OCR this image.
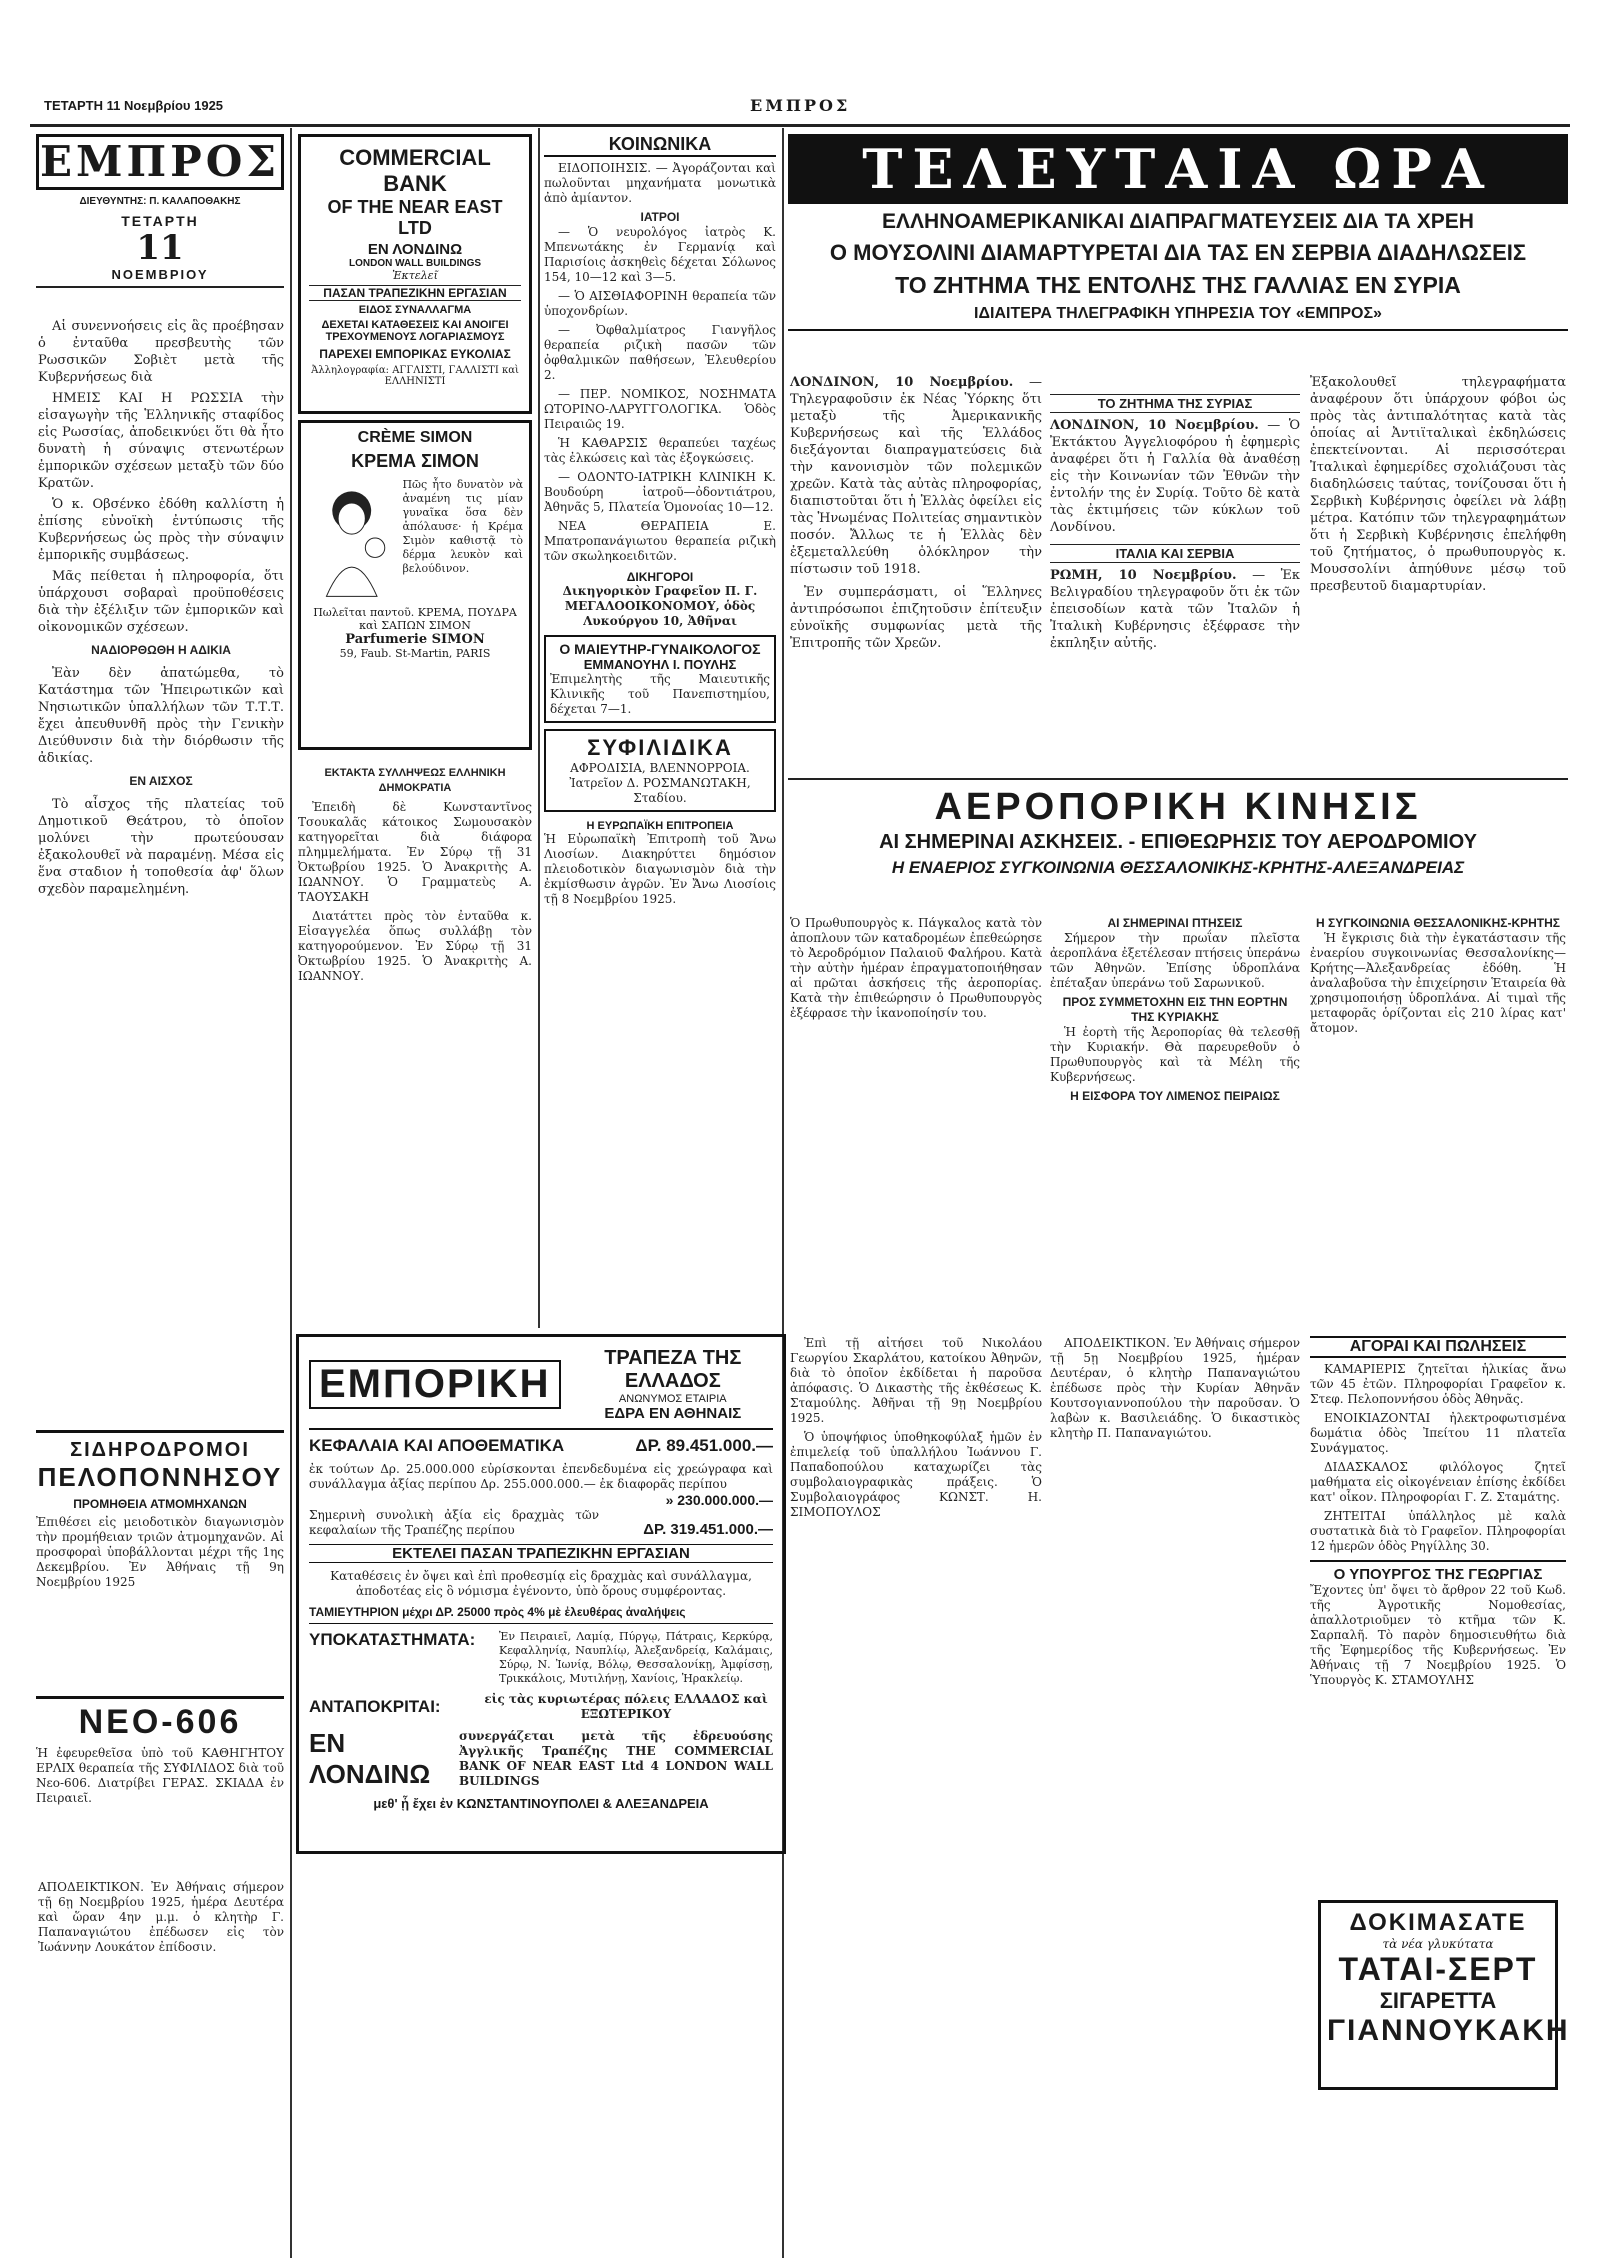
ΤΕΤΑΡΤΗ 11 Νοεμβρίου 1925	ΕΜΠΡΟΣ
ΕΜΠΡΟΣ
ΔΙΕΥΘΥΝΤΗΣ: Π. ΚΑΛΑΠΟΘΑΚΗΣ
ΤΕΤΑΡΤΗ
11
ΝΟΕΜΒΡΙΟΥ

Αἱ συνεννοήσεις εἰς ἃς προέβησαν ὁ ἐνταῦθα πρεσβευτὴς τῶν Ρωσσικῶν Σοβιὲτ μετὰ τῆς Κυβερνήσεως διὰ

ΗΜΕΙΣ ΚΑΙ Η ΡΩΣΣΙΑ τὴν εἰσαγωγὴν τῆς Ἑλληνικῆς σταφίδος εἰς Ρωσσίας, ἀποδεικνύει ὅτι θὰ ἦτο δυνατὴ ἡ σύναψις στενωτέρων ἐμπορικῶν σχέσεων μεταξὺ τῶν δύο Κρατῶν.

Ὁ κ. Οβσένκο ἐδόθη καλλίστη ἡ ἐπίσης εὐνοϊκὴ ἐντύπωσις τῆς Κυβερνήσεως ὡς πρὸς τὴν σύναψιν ἐμπορικῆς συμβάσεως.

Μᾶς πείθεται ἡ πληροφορία, ὅτι ὑπάρχουσι σοβαραὶ προϋποθέσεις διὰ τὴν ἐξέλιξιν τῶν ἐμπορικῶν καὶ οἰκονομικῶν σχέσεων.

ΝΑΔΙΟΡΘΩΘΗ Η ΑΔΙΚΙΑ

Ἐὰν δὲν ἀπατώμεθα, τὸ Κατάστημα τῶν Ἠπειρωτικῶν καὶ Νησιωτικῶν ὑπαλλήλων τῶν Τ.Τ.Τ. ἔχει ἀπευθυνθῆ πρὸς τὴν Γενικὴν Διεύθυνσιν διὰ τὴν διόρθωσιν τῆς ἀδικίας.

ΕΝ ΑΙΣΧΟΣ

Τὸ αἶσχος τῆς πλατείας τοῦ Δημοτικοῦ Θεάτρου, τὸ ὁποῖον μολύνει τὴν πρωτεύουσαν ἐξακολουθεῖ νὰ παραμένῃ. Μέσα εἰς ἕνα σταδιον ἡ τοποθεσία ἀφ' ὅλων σχεδὸν παραμελημένη.

ΣΙΔΗΡΟΔΡΟΜΟΙ
ΠΕΛΟΠΟΝΝΗΣΟΥ
ΠΡΟΜΗΘΕΙΑ ΑΤΜΟΜΗΧΑΝΩΝ
Ἐπιθέσει εἰς μειοδοτικὸν διαγωνισμὸν τὴν προμήθειαν τριῶν ἀτμομηχανῶν. Αἱ προσφοραὶ ὑποβάλλονται μέχρι τῆς 1ης Δεκεμβρίου. Ἐν Ἀθήναις τῇ 9η Νοεμβρίου 1925
ΝΕΟ-606
Ἡ ἐφευρεθεῖσα ὑπὸ τοῦ ΚΑΘΗΓΗΤΟΥ ΕΡΛΙΧ θεραπεία τῆς ΣΥΦΙΛΙΔΟΣ διὰ τοῦ Νεο-606. Διατρίβει ΓΕΡΑΣ. ΣΚΙΑΔΑ ἐν Πειραιεῖ.
ΑΠΟΔΕΙΚΤΙΚΟΝ. Ἐν Ἀθήναις σήμερον τῇ 6ῃ Νοεμβρίου 1925, ἡμέρα Δευτέρα καὶ ὥραν 4ην μ.μ. ὁ κλητὴρ Γ. Παπαναγιώτου ἐπέδωσεν εἰς τὸν Ἰωάννην Λουκάτον ἐπίδοσιν.
COMMERCIAL BANK
OF THE NEAR EAST LTD
ΕΝ ΛΟΝΔΙΝΩ
LONDON WALL BUILDINGS
Ἐκτελεῖ
ΠΑΣΑΝ ΤΡΑΠΕΖΙΚΗΝ ΕΡΓΑΣΙΑΝ
ΕΙΔΟΣ ΣΥΝΑΛΛΑΓΜΑ
ΔΕΧΕΤΑΙ ΚΑΤΑΘΕΣΕΙΣ ΚΑΙ ΑΝΟΙΓΕΙ
ΤΡΕΧΟΥΜΕΝΟΥΣ ΛΟΓΑΡΙΑΣΜΟΥΣ
ΠΑΡΕΧΕΙ ΕΜΠΟΡΙΚΑΣ ΕΥΚΟΛΙΑΣ
Ἀλληλογραφία: ΑΓΓΛΙΣΤΙ, ΓΑΛΛΙΣΤΙ καὶ ΕΛΛΗΝΙΣΤΙ
CRÈME SIMON
ΚΡΕΜΑ ΣΙΜΟΝ
Πῶς ἦτο δυνατὸν νὰ ἀναμένη τις μίαν γυναῖκα ὅσα δὲν ἀπόλαυσε· ἡ Κρέμα Σιμὸν καθιστᾷ τὸ δέρμα λευκὸν καὶ βελούδινον.
Πωλεῖται παντοῦ. ΚΡΕΜΑ, ΠΟΥΔΡΑ καὶ ΣΑΠΩΝ ΣΙΜΟΝ
Parfumerie SIMON
59, Faub. St-Martin, PARIS
ΕΚΤΑΚΤΑ ΣΥΛΛΗΨΕΩΣ ΕΛΛΗΝΙΚΗ ΔΗΜΟΚΡΑΤΙΑ

Ἐπειδὴ δὲ Κωνσταντῖνος Τσουκαλᾶς κάτοικος Σωμουσακὸν κατηγορεῖται διὰ διάφορα πλημμελήματα. Ἐν Σύρῳ τῇ 31 Ὀκτωβρίου 1925. Ὁ Ἀνακριτὴς Α. ΙΩΑΝΝΟΥ. Ὁ Γραμματεὺς Α. ΤΑΟΥΣΑΚΗ

Διατάττει πρὸς τὸν ἐνταῦθα κ. Εἰσαγγελέα ὅπως συλλάβῃ τὸν κατηγορούμενον. Ἐν Σύρῳ τῇ 31 Ὀκτωβρίου 1925. Ὁ Ἀνακριτὴς Α. ΙΩΑΝΝΟΥ.

ΚΟΙΝΩΝΙΚΑ

ΕΙΔΟΠΟΙΗΣΙΣ. — Ἀγοράζονται καὶ πωλοῦνται μηχανήματα μονωτικὰ ἀπὸ ἀμίαντον.

ΙΑΤΡΟΙ

— Ὁ νευρολόγος ἰατρὸς Κ. Μπενωτάκης ἐν Γερμανίᾳ καὶ Παρισίοις ἀσκηθεὶς δέχεται Σόλωνος 154, 10—12 καὶ 3—5.

— Ὁ ΑΙΣΘΙΑΦΟΡΙΝΗ θεραπεία τῶν ὑποχονδρίων.

— Ὀφθαλμίατρος Γιανγῆλος θεραπεία ριζικὴ πασῶν τῶν ὀφθαλμικῶν παθήσεων, Ἐλευθερίου 2.

— ΠΕΡ. ΝΟΜΙΚΟΣ, ΝΟΣΗΜΑΤΑ ΩΤΟΡΙΝΟ-ΛΑΡΥΓΓΟΛΟΓΙΚΑ. Ὁδὸς Πειραιῶς 19.

Ἡ ΚΑΘΑΡΣΙΣ θεραπεύει ταχέως τὰς ἐλκώσεις καὶ τὰς ἐξογκώσεις.

— ΟΔΟΝΤΟ-ΙΑΤΡΙΚΗ ΚΛΙΝΙΚΗ Κ. Βουδούρη ἰατροῦ—ὀδοντιάτρου, Ἀθηνᾶς 5, Πλατεία Ὁμονοίας 10—12.

ΝΕΑ ΘΕΡΑΠΕΙΑ Ε. Μπατροπανάγιωτου θεραπεία ριζικὴ τῶν σκωληκοειδιτῶν.

ΔΙΚΗΓΟΡΟΙ
Δικηγορικὸν Γραφεῖον Π. Γ. ΜΕΓΑΛΟΟΙΚΟΝΟΜΟΥ, ὁδὸς Λυκούργου 10, Ἀθῆναι
Ο ΜΑΙΕΥΤΗΡ-ΓΥΝΑΙΚΟΛΟΓΟΣ
ΕΜΜΑΝΟΥΗΛ Ι. ΠΟΥΛΗΣ
Ἐπιμελητὴς τῆς Μαιευτικῆς Κλινικῆς τοῦ Πανεπιστημίου, δέχεται 7—1.
ΣΥΦΙΛΙΔΙΚΑ
ΑΦΡΟΔΙΣΙΑ, ΒΛΕΝΝΟΡΡΟΙΑ. Ἰατρεῖον Δ. ΡΟΣΜΑΝΩΤΑΚΗ, Σταδίου.
Η ΕΥΡΩΠΑΪΚΗ ΕΠΙΤΡΟΠΕΙΑ
Ἡ Εὐρωπαϊκὴ Ἐπιτροπὴ τοῦ Ἄνω Λιοσίων. Διακηρύττει δημόσιον πλειοδοτικὸν διαγωνισμὸν διὰ τὴν ἐκμίσθωσιν ἀγρῶν. Ἐν Ἄνω Λιοσίοις τῇ 8 Νοεμβρίου 1925.
ΤΕΛΕΥΤΑΙΑ ΩΡΑ
ΕΛΛΗΝΟΑΜΕΡΙΚΑΝΙΚΑΙ ΔΙΑΠΡΑΓΜΑΤΕΥΣΕΙΣ ΔΙΑ ΤΑ ΧΡΕΗ
Ο ΜΟΥΣΟΛΙΝΙ ΔΙΑΜΑΡΤΥΡΕΤΑΙ ΔΙΑ ΤΑΣ ΕΝ ΣΕΡΒΙΑ ΔΙΑΔΗΛΩΣΕΙΣ
ΤΟ ΖΗΤΗΜΑ ΤΗΣ ΕΝΤΟΛΗΣ ΤΗΣ ΓΑΛΛΙΑΣ ΕΝ ΣΥΡΙΑ
ΙΔΙΑΙΤΕΡΑ ΤΗΛΕΓΡΑΦΙΚΗ ΥΠΗΡΕΣΙΑ ΤΟΥ «ΕΜΠΡΟΣ»
ΛΟΝΔΙΝΟΝ, 10 Νοεμβρίου. — Τηλεγραφοῦσιν ἐκ Νέας Ὑόρκης ὅτι μεταξὺ τῆς Ἀμερικανικῆς Κυβερνήσεως καὶ τῆς Ἑλλάδος διεξάγονται διαπραγματεύσεις διὰ τὴν κανονισμὸν τῶν πολεμικῶν χρεῶν. Κατὰ τὰς αὐτὰς πληροφορίας, διαπιστοῦται ὅτι ἡ Ἑλλὰς ὀφείλει εἰς τὰς Ἡνωμένας Πολιτείας σημαντικὸν ποσόν. Ἄλλως τε ἡ Ἑλλὰς δὲν ἐξεμεταλλεύθη ὁλόκληρον τὴν πίστωσιν τοῦ 1918.

Ἐν συμπεράσματι, οἱ Ἕλληνες ἀντιπρόσωποι ἐπιζητοῦσιν ἐπίτευξιν εὐνοϊκῆς συμφωνίας μετὰ τῆς Ἐπιτροπῆς τῶν Χρεῶν.

ΤΟ ΖΗΤΗΜΑ ΤΗΣ ΣΥΡΙΑΣ
ΛΟΝΔΙΝΟΝ, 10 Νοεμβρίου. — Ὁ Ἐκτάκτου Ἀγγελιοφόρου ἡ ἐφημερὶς ἀναφέρει ὅτι ἡ Γαλλία θὰ ἀναθέσῃ εἰς τὴν Κοινωνίαν τῶν Ἐθνῶν τὴν ἐντολήν της ἐν Συρίᾳ. Τοῦτο δὲ κατὰ τὰς ἐκτιμήσεις τῶν κύκλων τοῦ Λονδίνου.
ΙΤΑΛΙΑ ΚΑΙ ΣΕΡΒΙΑ
ΡΩΜΗ, 10 Νοεμβρίου. — Ἐκ Βελιγραδίου τηλεγραφοῦν ὅτι ἐκ τῶν ἐπεισοδίων κατὰ τῶν Ἰταλῶν ἡ Ἰταλικὴ Κυβέρνησις ἐξέφρασε τὴν ἐκπληξιν αὐτῆς.
Ἐξακολουθεῖ τηλεγραφήματα ἀναφέρουν ὅτι ὑπάρχουν φόβοι ὡς πρὸς τὰς ἀντιπαλότητας κατὰ τὰς ὁποίας αἱ Ἀντιϊταλικαὶ ἐκδηλώσεις ἐπεκτείνονται. Αἱ περισσότεραι Ἰταλικαὶ ἐφημερίδες σχολιάζουσι τὰς διαδηλώσεις ταύτας, τονίζουσαι ὅτι ἡ Σερβικὴ Κυβέρνησις ὀφείλει νὰ λάβῃ μέτρα. Κατόπιν τῶν τηλεγραφημάτων ὅτι ἡ Σερβικὴ Κυβέρνησις ἐπελήφθη τοῦ ζητήματος, ὁ πρωθυπουργὸς κ. Μουσσολίνι ἀπηύθυνε μέσῳ τοῦ πρεσβευτοῦ διαμαρτυρίαν.
ΑΕΡΟΠΟΡΙΚΗ ΚΙΝΗΣΙΣ
ΑΙ ΣΗΜΕΡΙΝΑΙ ΑΣΚΗΣΕΙΣ. - ΕΠΙΘΕΩΡΗΣΙΣ ΤΟΥ ΑΕΡΟΔΡΟΜΙΟΥ
Η ΕΝΑΕΡΙΟΣ ΣΥΓΚΟΙΝΩΝΙΑ ΘΕΣΣΑΛΟΝΙΚΗΣ-ΚΡΗΤΗΣ-ΑΛΕΞΑΝΔΡΕΙΑΣ
Ὁ Πρωθυπουργὸς κ. Πάγκαλος κατὰ τὸν ἀποπλουν τῶν καταδρομέων ἐπεθεώρησε τὸ Ἀεροδρόμιον Παλαιοῦ Φαλήρου. Κατὰ τὴν αὐτὴν ἡμέραν ἐπραγματοποιήθησαν αἱ πρῶται ἀσκήσεις τῆς ἀεροπορίας. Κατὰ τὴν ἐπιθεώρησιν ὁ Πρωθυπουργὸς ἐξέφρασε τὴν ἱκανοποίησίν του.
ΑΙ ΣΗΜΕΡΙΝΑΙ ΠΤΗΣΕΙΣ

Σήμερον τὴν πρωΐαν πλεῖστα ἀεροπλάνα ἐξετέλεσαν πτήσεις ὑπεράνω τῶν Ἀθηνῶν. Ἐπίσης ὑδροπλάνα ἐπέταξαν ὑπεράνω τοῦ Σαρωνικοῦ.

ΠΡΟΣ ΣΥΜΜΕΤΟΧΗΝ ΕΙΣ ΤΗΝ ΕΟΡΤΗΝ ΤΗΣ ΚΥΡΙΑΚΗΣ

Ἡ ἐορτὴ τῆς Ἀεροπορίας θὰ τελεσθῇ τὴν Κυριακήν. Θὰ παρευρεθοῦν ὁ Πρωθυπουργὸς καὶ τὰ Μέλη τῆς Κυβερνήσεως.

Η ΕΙΣΦΟΡΑ ΤΟΥ ΛΙΜΕΝΟΣ ΠΕΙΡΑΙΩΣ
Η ΣΥΓΚΟΙΝΩΝΙΑ ΘΕΣΣΑΛΟΝΙΚΗΣ-ΚΡΗΤΗΣ

Ἡ ἔγκρισις διὰ τὴν ἐγκατάστασιν τῆς ἐναερίου συγκοινωνίας Θεσσαλονίκης—Κρήτης—Ἀλεξανδρείας ἐδόθη. Ἡ ἀναλαβοῦσα τὴν ἐπιχείρησιν Ἑταιρεία θὰ χρησιμοποιήσῃ ὑδροπλάνα. Αἱ τιμαὶ τῆς μεταφορᾶς ὁρίζονται εἰς 210 λίρας κατ' ἄτομον.

ΕΜΠΟΡΙΚΗ
ΤΡΑΠΕΖΑ ΤΗΣ ΕΛΛΑΔΟΣ
ΑΝΩΝΥΜΟΣ ΕΤΑΙΡΙΑ
ΕΔΡΑ ΕΝ ΑΘΗΝΑΙΣ
ΚΕΦΑΛΑΙΑ ΚΑΙ ΑΠΟΘΕΜΑΤΙΚΑ	ΔΡ. 89.451.000.—
ἐκ τούτων Δρ. 25.000.000 εὐρίσκονται ἐπενδεδυμένα εἰς χρεώγραφα καὶ συνάλλαγμα ἀξίας περίπου Δρ. 255.000.000.— ἐκ διαφορᾶς περίπου
» 230.000.000.—
Σημερινὴ συνολικὴ ἀξία εἰς δραχμὰς τῶν κεφαλαίων τῆς Τραπέζης περίπου	ΔΡ. 319.451.000.—
ΕΚΤΕΛΕΙ ΠΑΣΑΝ ΤΡΑΠΕΖΙΚΗΝ ΕΡΓΑΣΙΑΝ
Καταθέσεις ἐν ὄψει καὶ ἐπὶ προθεσμίᾳ εἰς δραχμὰς καὶ συνάλλαγμα, ἀποδοτέας εἰς ὃ νόμισμα ἐγένοντο, ὑπὸ ὅρους συμφέροντας.
ΤΑΜΙΕΥΤΗΡΙΟΝ μέχρι ΔΡ. 25000 πρὸς 4% μὲ ἐλευθέρας ἀναλήψεις
ΥΠΟΚΑΤΑΣΤΗΜΑΤΑ:	Ἐν Πειραιεῖ, Λαμίᾳ, Πύργῳ, Πάτραις, Κερκύρᾳ, Κεφαλληνίᾳ, Ναυπλίῳ, Ἀλεξανδρείᾳ, Καλάμαις, Σύρῳ, Ν. Ἰωνίᾳ, Βόλῳ, Θεσσαλονίκῃ, Ἀμφίσσῃ, Τρικκάλοις, Μυτιλήνῃ, Χανίοις, Ἡρακλείῳ.
ΑΝΤΑΠΟΚΡΙΤΑΙ:	εἰς τὰς κυριωτέρας πόλεις ΕΛΛΑΔΟΣ καὶ ΕΞΩΤΕΡΙΚΟΥ
ΕΝ ΛΟΝΔΙΝΩ
συνεργάζεται μετὰ τῆς ἐδρευούσης Ἀγγλικῆς Τραπέζης THE COMMERCIAL BANK OF NEAR EAST Ltd 4 LONDON WALL BUILDINGS
μεθ' ᾗ ἔχει ἐν ΚΩΝΣΤΑΝΤΙΝΟΥΠΟΛΕΙ & ΑΛΕΞΑΝΔΡΕΙΑ

Ἐπὶ τῇ αἰτήσει τοῦ Νικολάου Γεωργίου Σκαρλάτου, κατοίκου Ἀθηνῶν, διὰ τὸ ὁποῖον ἐκδίδεται ἡ παροῦσα ἀπόφασις. Ὁ Δικαστὴς τῆς ἐκθέσεως Κ. Σταμούλης. Ἀθῆναι τῇ 9ῃ Νοεμβρίου 1925.

Ὁ ὑποψήφιος ὑποθηκοφύλαξ ἡμῶν ἐν ἐπιμελείᾳ τοῦ ὑπαλλήλου Ἰωάννου Γ. Παπαδοπούλου καταχωρίζει τὰς συμβολαιογραφικὰς πράξεις. Ὁ Συμβολαιογράφος ΚΩΝΣΤ. Η. ΣΙΜΟΠΟΥΛΟΣ

ΑΠΟΔΕΙΚΤΙΚΟΝ. Ἐν Ἀθήναις σήμερον τῇ 5ῃ Νοεμβρίου 1925, ἡμέραν Δευτέραν, ὁ κλητὴρ Παπαναγιώτου ἐπέδωσε πρὸς τὴν Κυρίαν Ἀθηνᾶν Κουτσογιαννοπούλου τὴν παροῦσαν. Ὁ λαβὼν κ. Βασιλειάδης. Ὁ δικαστικὸς κλητὴρ Π. Παπαναγιώτου.

ΑΓΟΡΑΙ ΚΑΙ ΠΩΛΗΣΕΙΣ

ΚΑΜΑΡΙΕΡΙΣ ζητεῖται ἡλικίας ἄνω τῶν 45 ἐτῶν. Πληροφορίαι Γραφεῖον κ. Στεφ. Πελοποννήσου ὁδὸς Ἀθηνᾶς.

ΕΝΟΙΚΙΑΖΟΝΤΑΙ ἠλεκτροφωτισμένα δωμάτια ὁδὸς Ἰπείτου 11 πλατεῖα Συνάγματος.

ΔΙΔΑΣΚΑΛΟΣ φιλόλογος ζητεῖ μαθήματα εἰς οἰκογένειαν ἐπίσης ἐκδίδει κατ' οἶκον. Πληροφορίαι Γ. Ζ. Σταμάτης.

ΖΗΤΕΙΤΑΙ ὑπάλληλος μὲ καλὰ συστατικὰ διὰ τὸ Γραφεῖον. Πληροφορίαι 12 ἡμερῶν ὁδὸς Ρηγίλλης 30.

Ο ΥΠΟΥΡΓΟΣ ΤΗΣ ΓΕΩΡΓΙΑΣ
Ἔχοντες ὑπ' ὄψει τὸ ἄρθρον 22 τοῦ Κωδ. τῆς Ἀγροτικῆς Νομοθεσίας, ἀπαλλοτριοῦμεν τὸ κτῆμα τῶν Κ. Σαρπαλῆ. Τὸ παρὸν δημοσιευθήτω διὰ τῆς Ἐφημερίδος τῆς Κυβερνήσεως. Ἐν Ἀθήναις τῇ 7 Νοεμβρίου 1925. Ὁ Ὑπουργὸς Κ. ΣΤΑΜΟΥΛΗΣ
ΔΟΚΙΜΑΣΑΤΕ
τὰ νέα γλυκύτατα
ΤΑΤΑΙ-ΣΕΡΤ
ΣΙΓΑΡΕΤΤΑ
ΓΙΑΝΝΟΥΚΑΚΗ
